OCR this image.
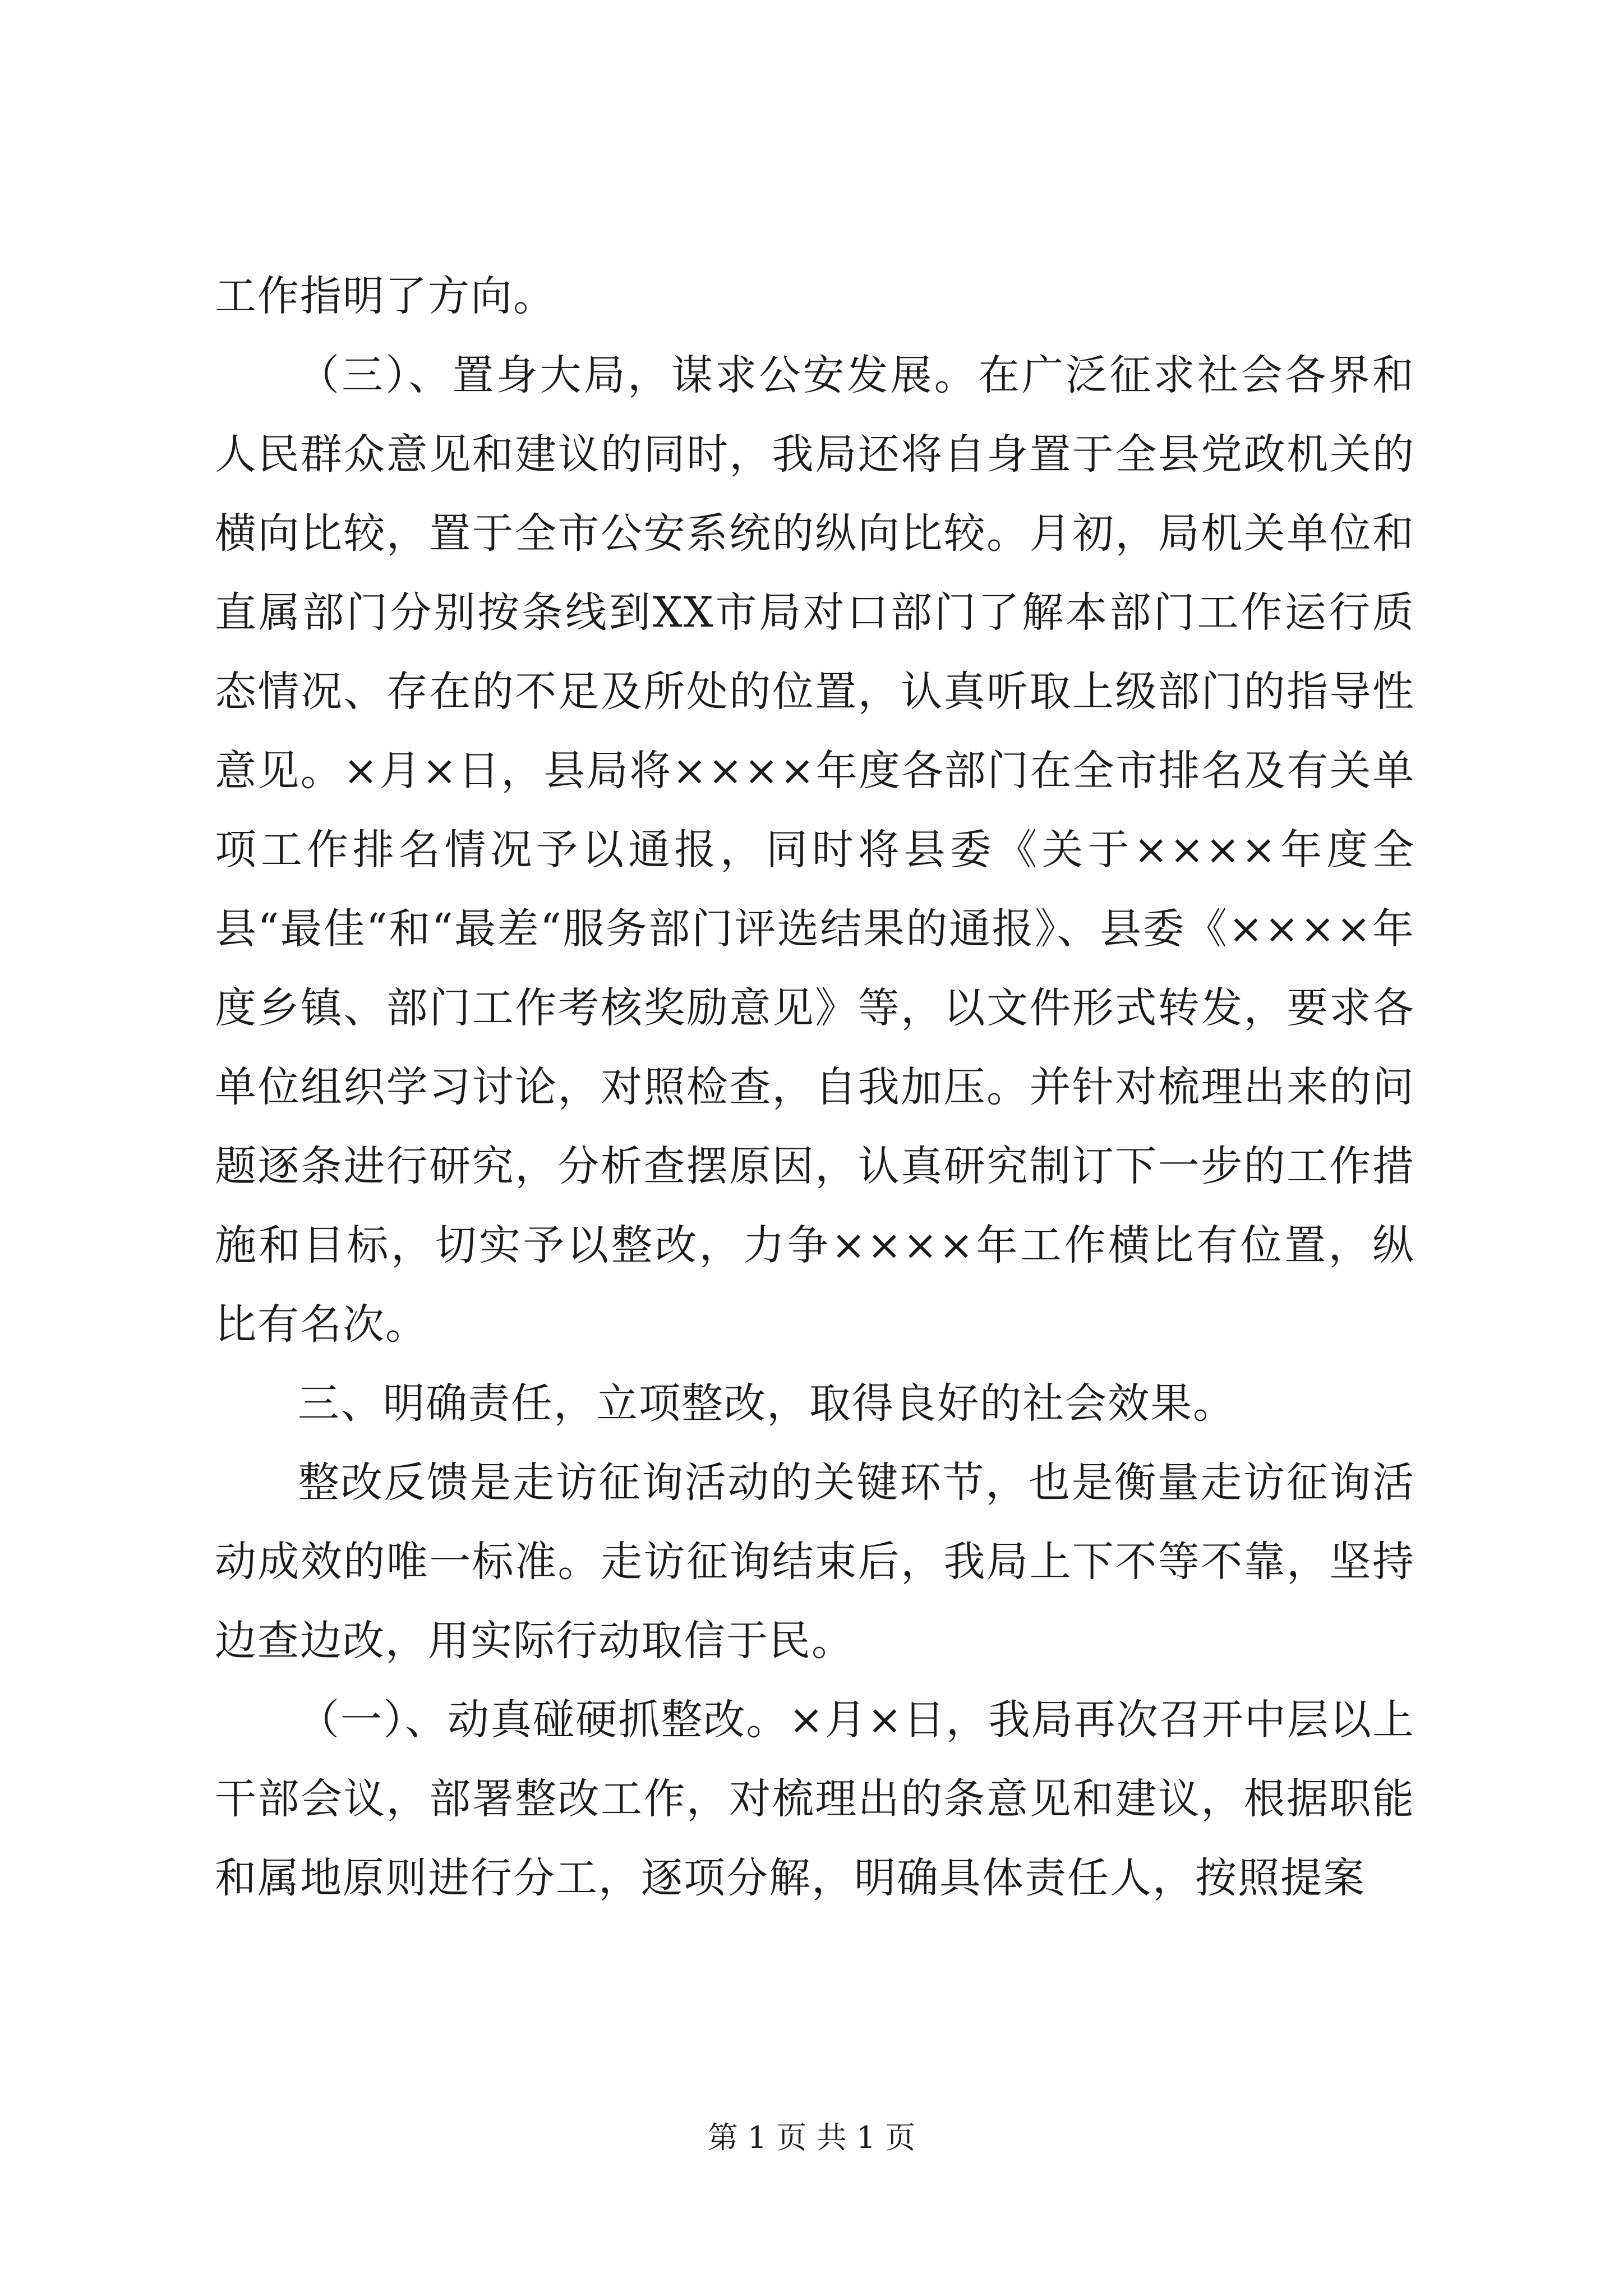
工作指明了方向。

（三）、置身大局，谋求公安发展。在广泛征求社会各界和人民群众意见和建议的同时，我局还将自身置于全县党政机关的横向比较，置于全市公安系统的纵向比较。月初，局机关单位和直属部门分别按条线到XX市局对口部门了解本部门工作运行质态情况、存在的不足及所处的位置，认真听取上级部门的指导性意见。×月×日，县局将××××年度各部门在全市排名及有关单项工作排名情况予以通报，同时将县委《关于××××年度全县“最佳“和“最差“服务部门评选结果的通报》、县委《××××年度乡镇、部门工作考核奖励意见》等，以文件形式转发，要求各单位组织学习讨论，对照检查，自我加压。并针对梳理出来的问题逐条进行研究，分析查摆原因，认真研究制订下一步的工作措施和目标，切实予以整改，力争××××年工作横比有位置，纵比有名次。

三、明确责任，立项整改，取得良好的社会效果。

整改反馈是走访征询活动的关键环节，也是衡量走访征询活动成效的唯一标准。走访征询结束后，我局上下不等不靠，坚持边查边改，用实际行动取信于民。

（一）、动真碰硬抓整改。×月×日，我局再次召开中层以上干部会议，部署整改工作，对梳理出的条意见和建议，根据职能和属地原则进行分工，逐项分解，明确具体责任人，按照提案

第 1 页 共 1 页
